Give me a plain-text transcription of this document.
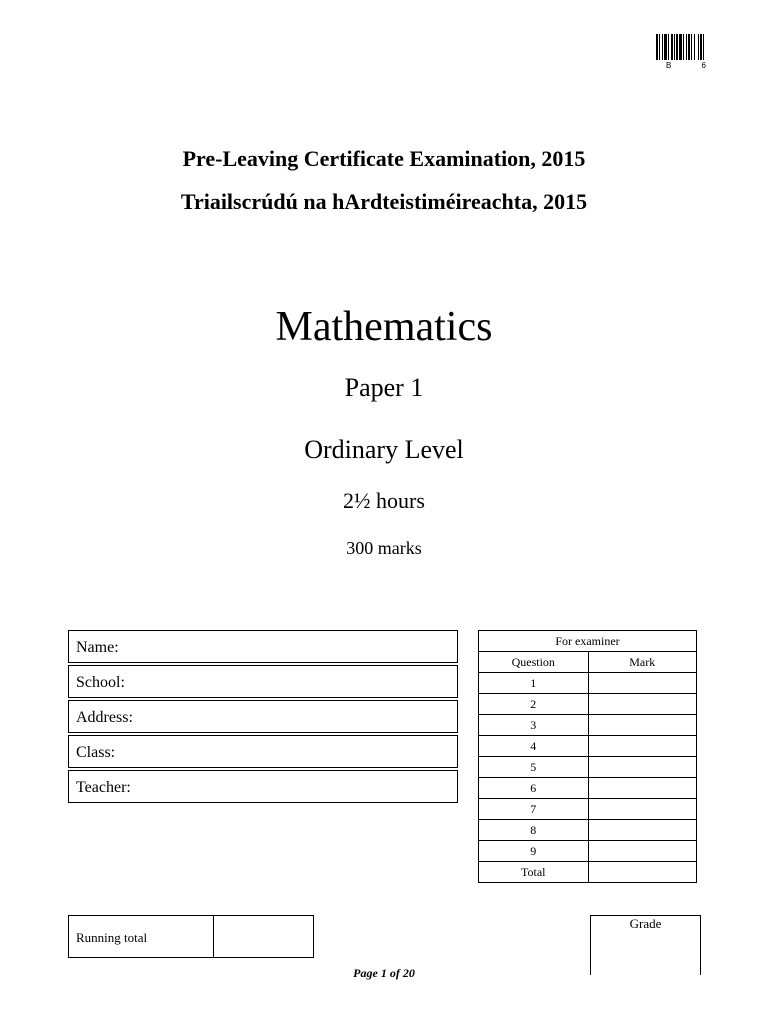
B 6
Pre-Leaving Certificate Examination, 2015
Triailscrúdú na hArdteistiméireachta, 2015
Mathematics
Paper 1
Ordinary Level
2½ hours
300 marks
Name:
School:
Address:
Class:
Teacher:
For examiner	
Question	Mark
1	
2	
3	
4	
5	
6	
7	
8	
9	
Total	
Running total
Grade
Page 1 of 20
